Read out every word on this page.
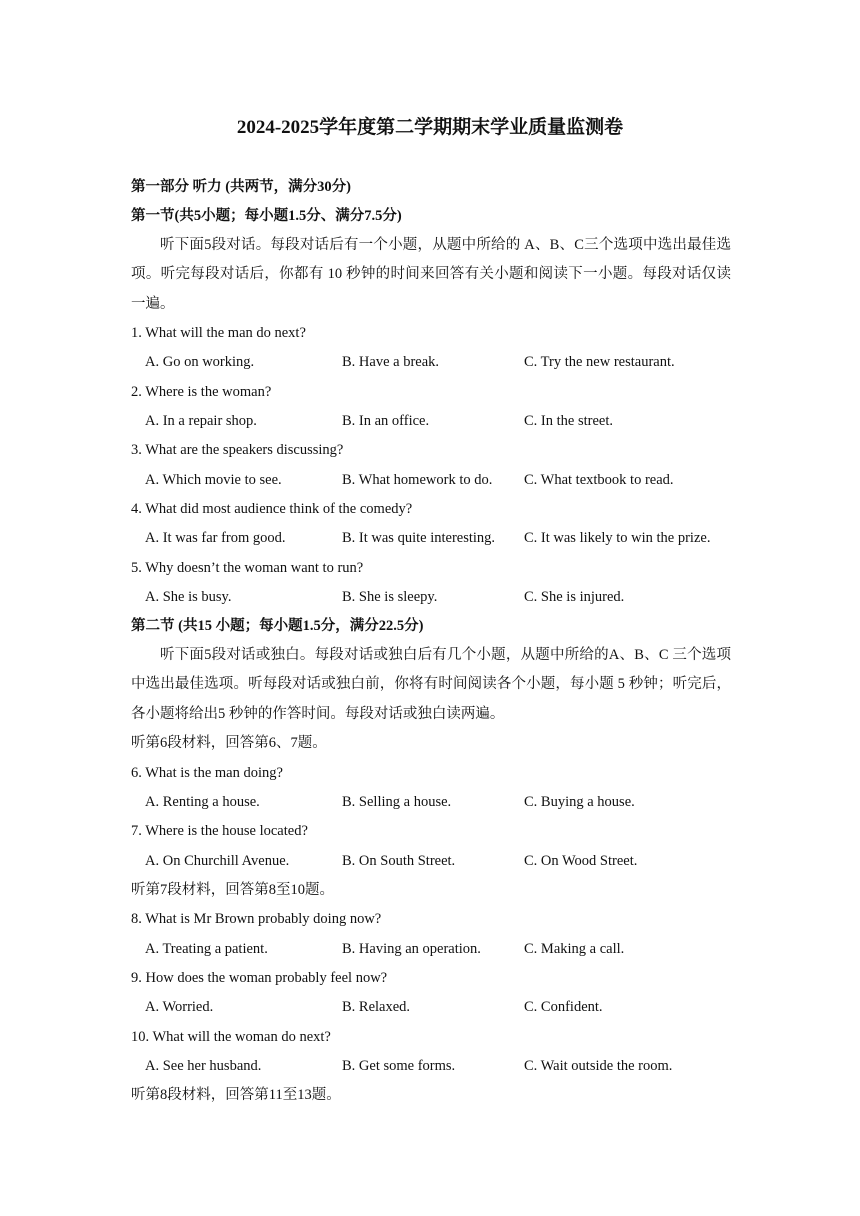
2024-2025学年度第二学期期末学业质量监测卷
第一部分 听力 (共两节，满分30分)
第一节(共5小题；每小题1.5分、满分7.5分)
听下面5段对话。每段对话后有一个小题，从题中所给的 A、B、C三个选项中选出最佳选项。听完每段对话后，你都有 10 秒钟的时间来回答有关小题和阅读下一小题。每段对话仅读一遍。
1. What will the man do next?
A. Go on working.	B. Have a break.	C. Try the new restaurant.
2. Where is the woman?
A. In a repair shop.	B. In an office.	C. In the street.
3. What are the speakers discussing?
A. Which movie to see.	B. What homework to do. C. What textbook to read.
4. What did most audience think of the comedy?
A. It was far from good.	B. It was quite interesting. C. It was likely to win the prize.
5. Why doesn’t the woman want to run?
A. She is busy.	B. She is sleepy.	C. She is injured.
第二节 (共15 小题；每小题1.5分，满分22.5分)
听下面5段对话或独白。每段对话或独白后有几个小题，从题中所给的A、B、C 三个选项中选出最佳选项。听每段对话或独白前，你将有时间阅读各个小题，每小题 5 秒钟；听完后，各小题将给出5 秒钟的作答时间。每段对话或独白读两遍。
听第6段材料，回答第6、7题。
6. What is the man doing?
A. Renting a house.	B. Selling a house.	C. Buying a house.
7. Where is the house located?
A. On Churchill Avenue.	B. On South Street.	C. On Wood Street.
听第7段材料，回答第8至10题。
8. What is Mr Brown probably doing now?
A. Treating a patient.	B. Having an operation.	C. Making a call.
9. How does the woman probably feel now?
A. Worried.	B. Relaxed.	C. Confident.
10. What will the woman do next?
A. See her husband.	B. Get some forms.	C. Wait outside the room.
听第8段材料，回答第11至13题。
